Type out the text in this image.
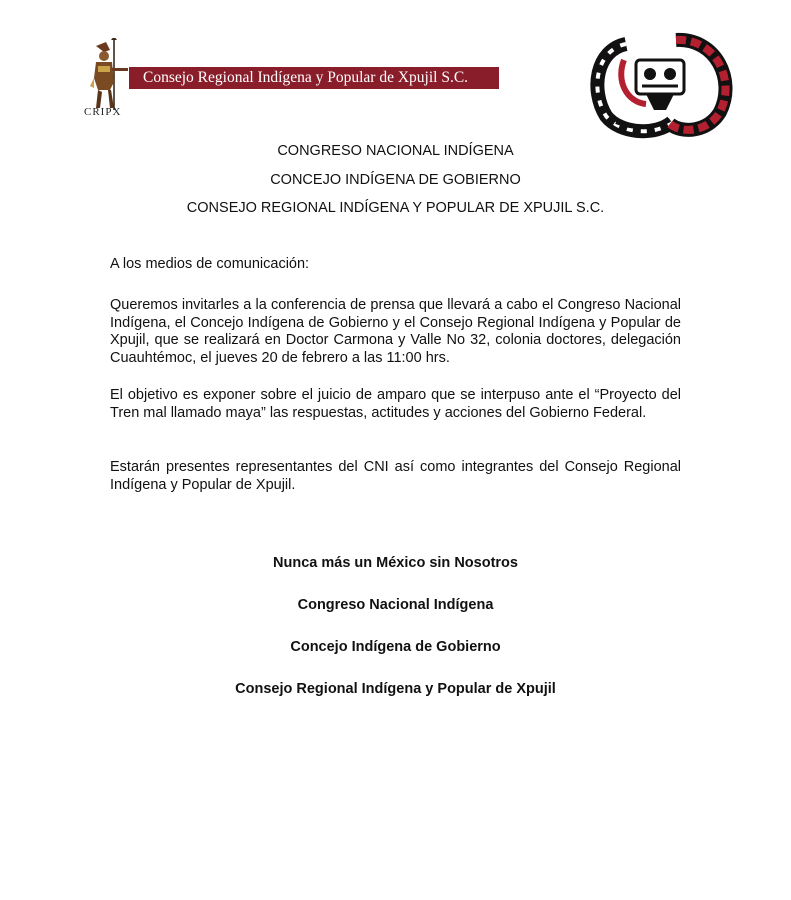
CRIPX
Consejo Regional Indígena y Popular de Xpujil S.C.
CONGRESO NACIONAL INDÍGENA
CONCEJO INDÍGENA DE GOBIERNO
CONSEJO REGIONAL INDÍGENA Y POPULAR DE XPUJIL S.C.
A los medios de comunicación:
Queremos invitarles a la conferencia de prensa que llevará a cabo el Congreso Nacional Indígena, el Concejo Indígena de Gobierno y el Consejo Regional Indígena y Popular de Xpujil, que se realizará en Doctor Carmona y Valle No 32, colonia doctores, delegación Cuauhtémoc, el jueves 20 de febrero a las 11:00 hrs.
El objetivo es exponer sobre el juicio de amparo que se interpuso ante el “Proyecto del Tren mal llamado maya” las respuestas, actitudes y acciones del Gobierno Federal.
Estarán presentes representantes del CNI así como integrantes del Consejo Regional Indígena y Popular de Xpujil.
Nunca más un México sin Nosotros
Congreso Nacional Indígena
Concejo Indígena de Gobierno
Consejo Regional Indígena y Popular de Xpujil
